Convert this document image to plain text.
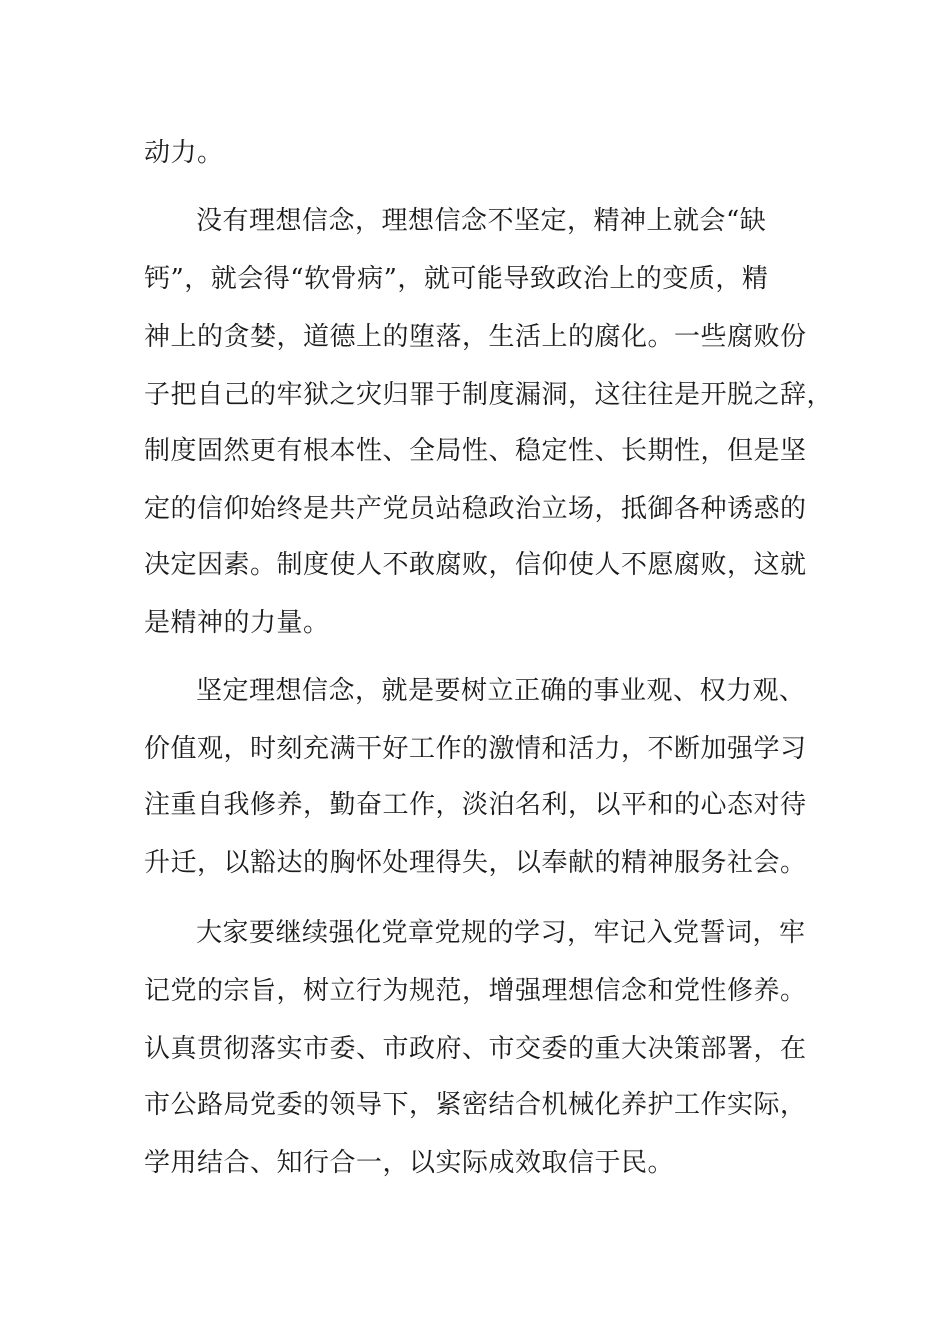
动力。
没有理想信念，理想信念不坚定，精神上就会“缺
钙”，就会得“软骨病”，就可能导致政治上的变质，精
神上的贪婪，道德上的堕落，生活上的腐化。一些腐败份
子把自己的牢狱之灾归罪于制度漏洞，这往往是开脱之辞，
制度固然更有根本性、全局性、稳定性、长期性，但是坚
定的信仰始终是共产党员站稳政治立场，抵御各种诱惑的
决定因素。制度使人不敢腐败，信仰使人不愿腐败，这就
是精神的力量。
坚定理想信念，就是要树立正确的事业观、权力观、
价值观，时刻充满干好工作的激情和活力，不断加强学习
注重自我修养，勤奋工作，淡泊名利，以平和的心态对待
升迁，以豁达的胸怀处理得失，以奉献的精神服务社会。
大家要继续强化党章党规的学习，牢记入党誓词，牢
记党的宗旨，树立行为规范，增强理想信念和党性修养。
认真贯彻落实市委、市政府、市交委的重大决策部署，在
市公路局党委的领导下，紧密结合机械化养护工作实际，
学用结合、知行合一，以实际成效取信于民。
